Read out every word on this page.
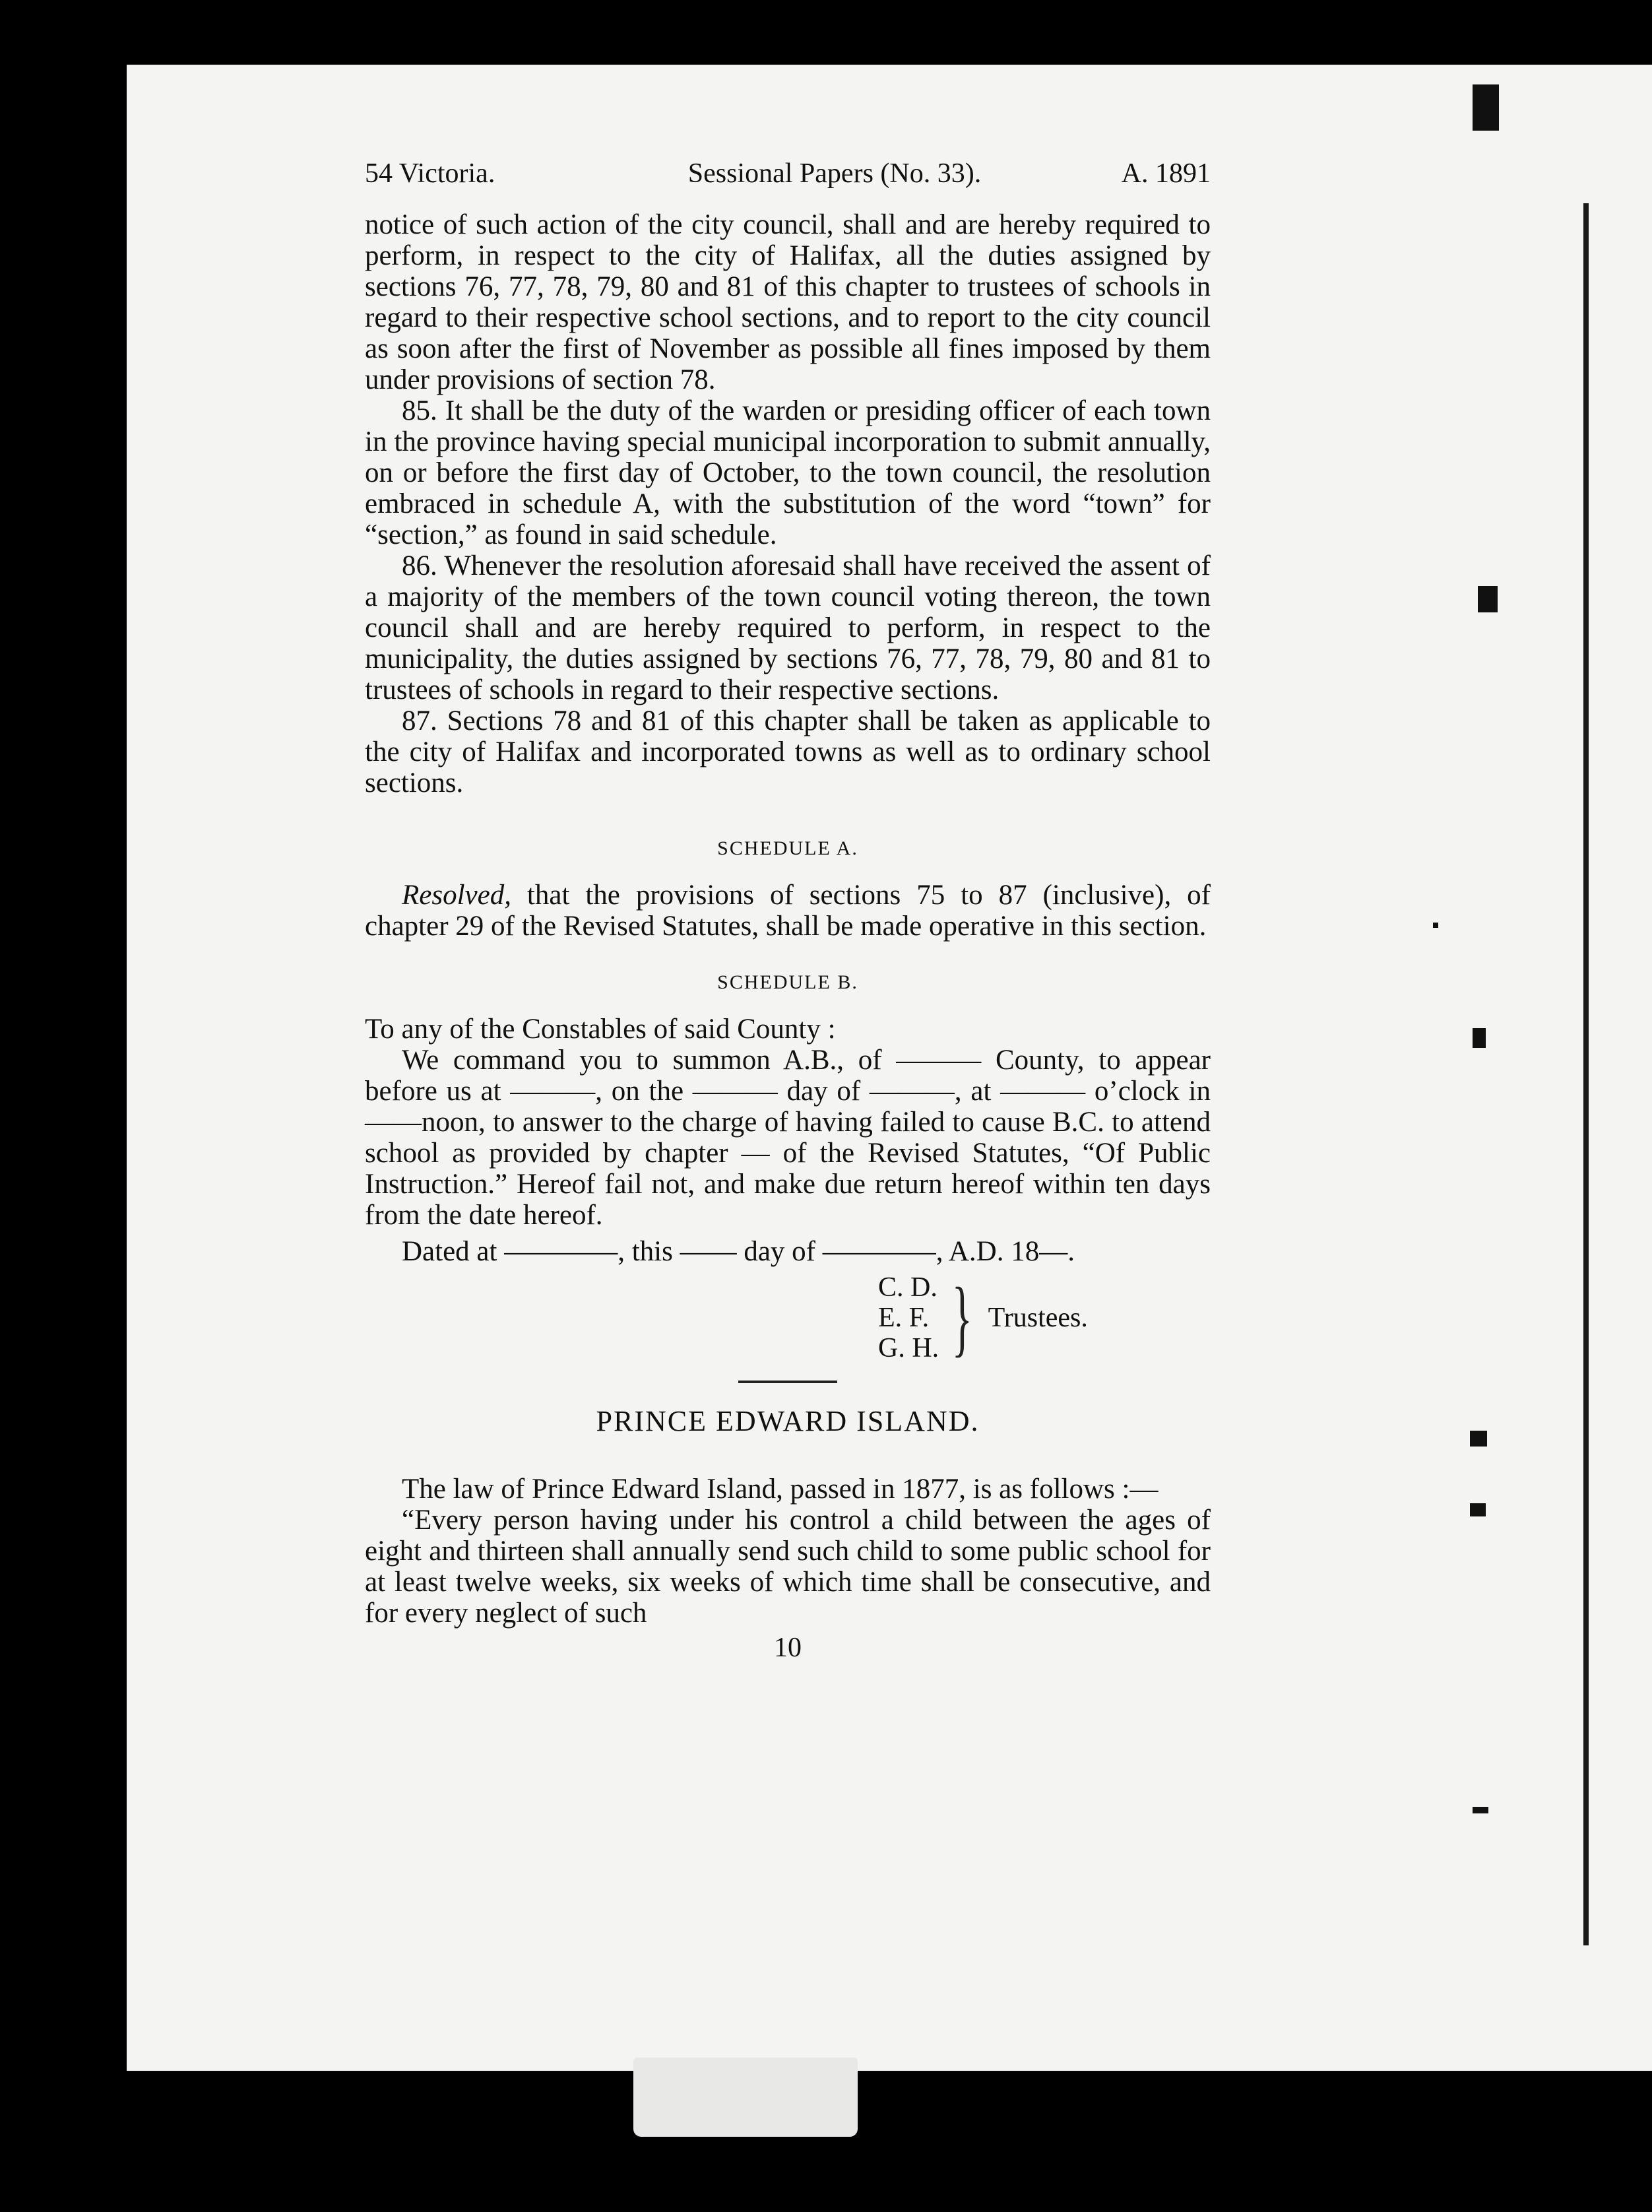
54 Victoria.	Sessional Papers (No. 33).	A. 1891

notice of such action of the city council, shall and are hereby required to perform, in respect to the city of Halifax, all the duties assigned by sections 76, 77, 78, 79, 80 and 81 of this chapter to trustees of schools in regard to their respective school sections, and to report to the city council as soon after the first of November as possible all fines imposed by them under provisions of section 78.

85. It shall be the duty of the warden or presiding officer of each town in the province having special municipal incorporation to submit annually, on or before the first day of October, to the town council, the resolution embraced in schedule A, with the substitution of the word “town” for “section,” as found in said schedule.

86. Whenever the resolution aforesaid shall have received the assent of a majority of the members of the town council voting thereon, the town council shall and are hereby required to perform, in respect to the municipality, the duties assigned by sections 76, 77, 78, 79, 80 and 81 to trustees of schools in regard to their respective sections.

87. Sections 78 and 81 of this chapter shall be taken as applicable to the city of Halifax and incorporated towns as well as to ordinary school sections.

SCHEDULE A.

Resolved, that the provisions of sections 75 to 87 (inclusive), of chapter 29 of the Revised Statutes, shall be made operative in this section.

SCHEDULE B.

To any of the Constables of said County :

We command you to summon A.B., of ——— County, to appear before us at ———, on the ——— day of ———, at ——— o’clock in ——noon, to answer to the charge of having failed to cause B.C. to attend school as provided by chapter — of the Revised Statutes, “Of Public Instruction.” Hereof fail not, and make due return hereof within ten days from the date hereof.

Dated at ————, this —— day of ————, A.D. 18—.

C. D.
E. F.
G. H. } Trustees.
PRINCE EDWARD ISLAND.

The law of Prince Edward Island, passed in 1877, is as follows :—

“Every person having under his control a child between the ages of eight and thirteen shall annually send such child to some public school for at least twelve weeks, six weeks of which time shall be consecutive, and for every neglect of such

10
